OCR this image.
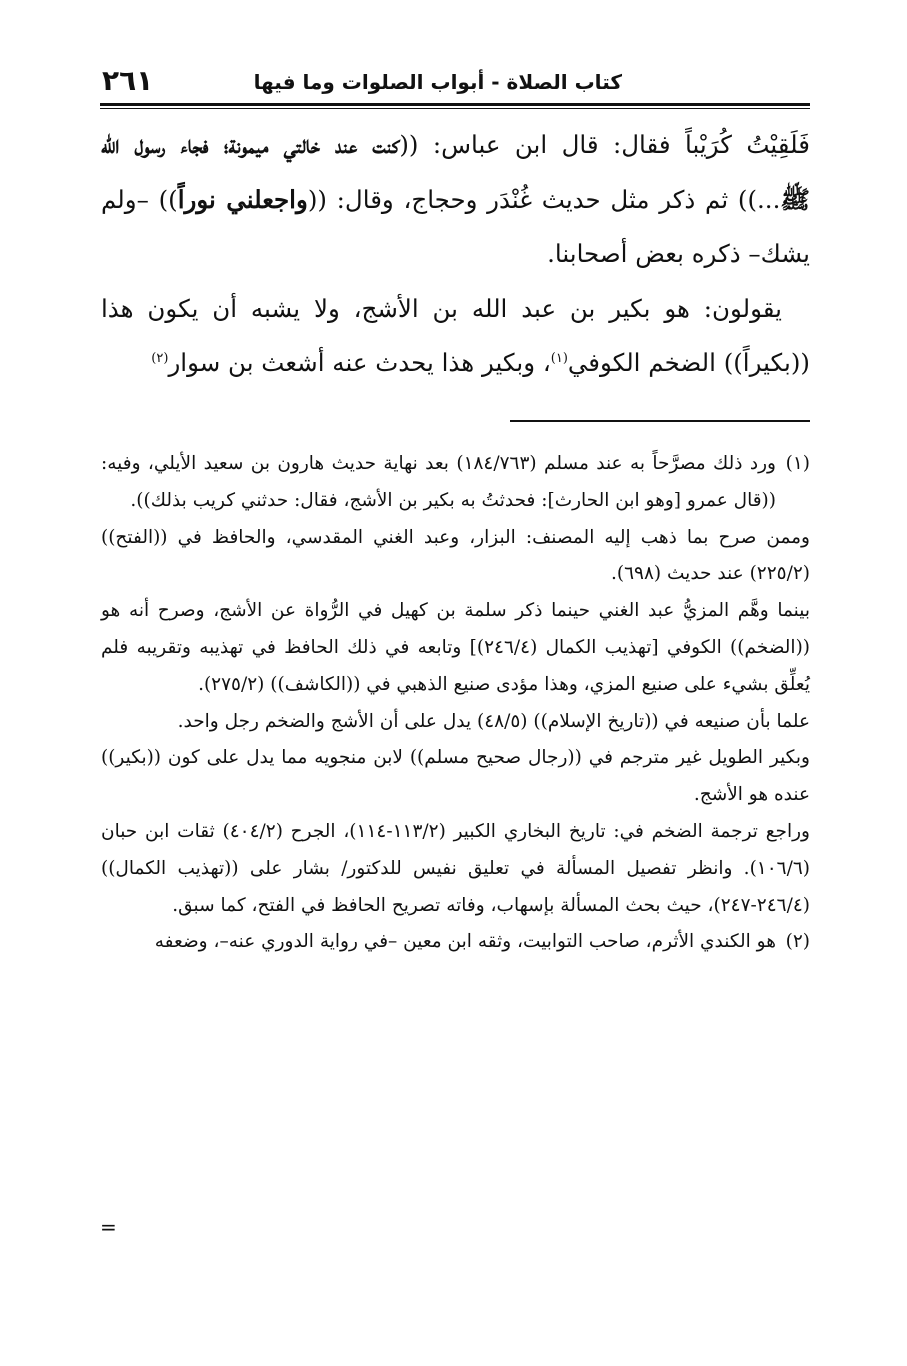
كتاب الصلاة - أبواب الصلوات وما فيها
٢٦١

فَلَقِيْتُ كُرَيْباً فقال: قال ابن عباس: ((كنت عند خالتي ميمونة؛ فجاء رسول الله ﷺ...)) ثم ذكر مثل حديث غُنْدَر وحجاج، وقال: ((واجعلني نوراً)) –ولم يشك– ذكره بعض أصحابنا.

يقولون: هو بكير بن عبد الله بن الأشج، ولا يشبه أن يكون هذا ((بكيراً)) الضخم الكوفي$^{(١)}$، وبكير هذا يحدث عنه أشعث بن سوار$^{(٢)}$

(١)ورد ذلك مصرَّحاً به عند مسلم (١٨٤/٧٦٣) بعد نهاية حديث هارون بن سعيد الأيلي، وفيه: ((قال عمرو [وهو ابن الحارث]: فحدثتُ به بكير بن الأشج، فقال: حدثني كريب بذلك)).

وممن صرح بما ذهب إليه المصنف: البزار، وعبد الغني المقدسي، والحافظ في ((الفتح)) (٢٢٥/٢) عند حديث (٦٩٨).

بينما وهَّم المزيُّ عبد الغني حينما ذكر سلمة بن كهيل في الرُّواة عن الأشج، وصرح أنه هو ((الضخم)) الكوفي [تهذيب الكمال (٢٤٦/٤)] وتابعه في ذلك الحافظ في تهذيبه وتقريبه فلم يُعلِّق بشيء على صنيع المزي، وهذا مؤدى صنيع الذهبي في ((الكاشف)) (٢٧٥/٢).

علما بأن صنيعه في ((تاريخ الإسلام)) (٤٨/٥) يدل على أن الأشج والضخم رجل واحد.

وبكير الطويل غير مترجم في ((رجال صحيح مسلم)) لابن منجويه مما يدل على كون ((بكير)) عنده هو الأشج.

وراجع ترجمة الضخم في: تاريخ البخاري الكبير (١١٣/٢-١١٤)، الجرح (٤٠٤/٢) ثقات ابن حبان (١٠٦/٦). وانظر تفصيل المسألة في تعليق نفيس للدكتور/ بشار على ((تهذيب الكمال)) (٢٤٦/٤-٢٤٧)، حيث بحث المسألة بإسهاب، وفاته تصريح الحافظ في الفتح، كما سبق.

(٢)هو الكندي الأثرم، صاحب التوابيت، وثقه ابن معين –في رواية الدوري عنه–، وضعفه

=
